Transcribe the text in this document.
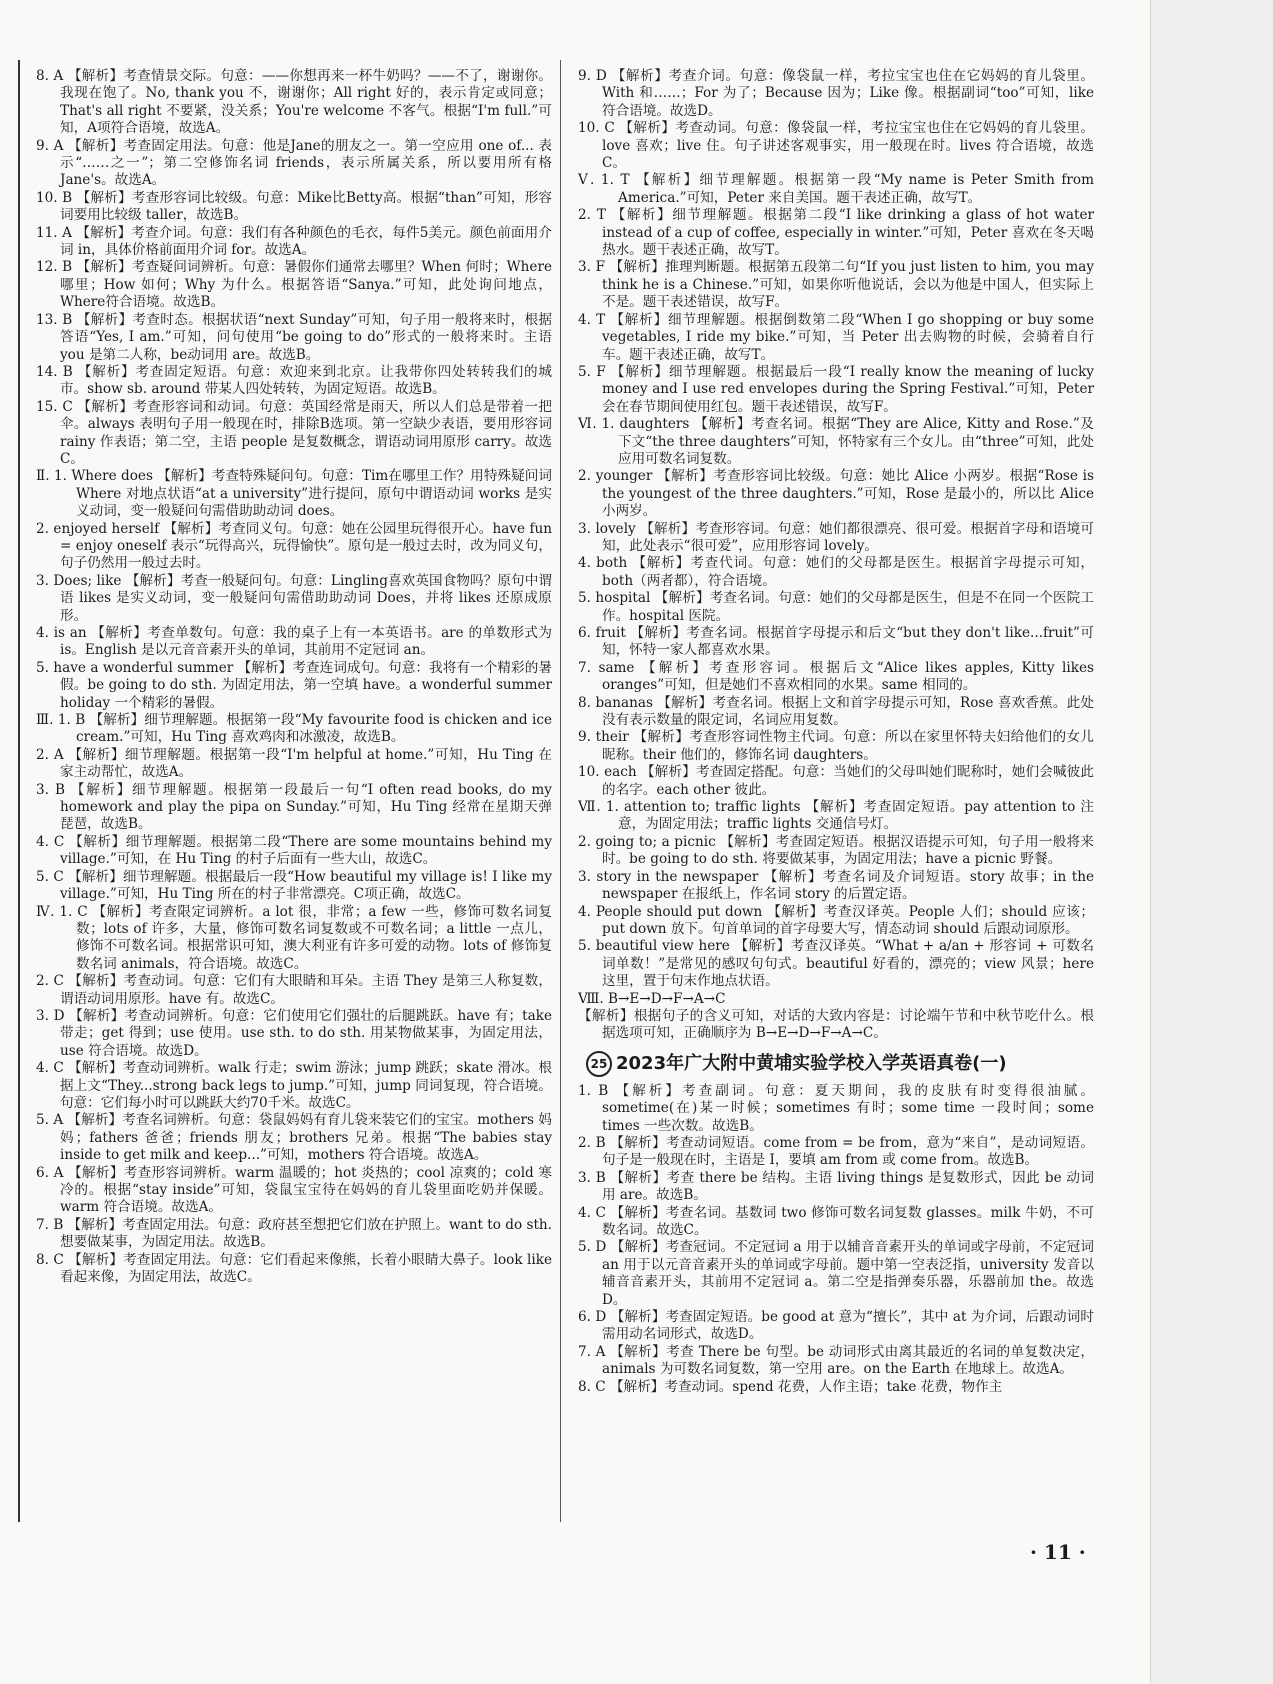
8. A 【解析】考查情景交际。句意：——你想再来一杯牛奶吗？——不了，谢谢你。我现在饱了。No, thank you 不，谢谢你；All right 好的，表示肯定或同意；That's all right 不要紧，没关系；You're welcome 不客气。根据“I'm full.”可知，A项符合语境，故选A。
9. A 【解析】考查固定用法。句意：他是Jane的朋友之一。第一空应用 one of... 表示“……之一”；第二空修饰名词 friends，表示所属关系，所以要用所有格 Jane's。故选A。
10. B 【解析】考查形容词比较级。句意：Mike比Betty高。根据“than”可知，形容词要用比较级 taller，故选B。
11. A 【解析】考查介词。句意：我们有各种颜色的毛衣，每件5美元。颜色前面用介词 in，具体价格前面用介词 for。故选A。
12. B 【解析】考查疑问词辨析。句意：暑假你们通常去哪里？When 何时；Where 哪里；How 如何；Why 为什么。根据答语“Sanya.”可知，此处询问地点，Where符合语境。故选B。
13. B 【解析】考查时态。根据状语“next Sunday”可知，句子用一般将来时，根据答语“Yes, I am.”可知，问句使用“be going to do”形式的一般将来时。主语 you 是第二人称，be动词用 are。故选B。
14. B 【解析】考查固定短语。句意：欢迎来到北京。让我带你四处转转我们的城市。show sb. around 带某人四处转转，为固定短语。故选B。
15. C 【解析】考查形容词和动词。句意：英国经常是雨天，所以人们总是带着一把伞。always 表明句子用一般现在时，排除B选项。第一空缺少表语，要用形容词 rainy 作表语；第二空，主语 people 是复数概念，谓语动词用原形 carry。故选C。
Ⅱ. 1. Where does 【解析】考查特殊疑问句。句意：Tim在哪里工作？用特殊疑问词 Where 对地点状语“at a university”进行提问，原句中谓语动词 works 是实义动词，变一般疑问句需借助助动词 does。
2. enjoyed herself 【解析】考查同义句。句意：她在公园里玩得很开心。have fun = enjoy oneself 表示“玩得高兴，玩得愉快”。原句是一般过去时，改为同义句，句子仍然用一般过去时。
3. Does; like 【解析】考查一般疑问句。句意：Lingling喜欢英国食物吗？原句中谓语 likes 是实义动词，变一般疑问句需借助助动词 Does，并将 likes 还原成原形。
4. is an 【解析】考查单数句。句意：我的桌子上有一本英语书。are 的单数形式为 is。English 是以元音音素开头的单词，其前用不定冠词 an。
5. have a wonderful summer 【解析】考查连词成句。句意：我将有一个精彩的暑假。be going to do sth. 为固定用法，第一空填 have。a wonderful summer holiday 一个精彩的暑假。
Ⅲ. 1. B 【解析】细节理解题。根据第一段“My favourite food is chicken and ice cream.”可知，Hu Ting 喜欢鸡肉和冰激凌，故选B。
2. A 【解析】细节理解题。根据第一段“I'm helpful at home.”可知，Hu Ting 在家主动帮忙，故选A。
3. B 【解析】细节理解题。根据第一段最后一句“I often read books, do my homework and play the pipa on Sunday.”可知，Hu Ting 经常在星期天弹琵琶，故选B。
4. C 【解析】细节理解题。根据第二段“There are some mountains behind my village.”可知，在 Hu Ting 的村子后面有一些大山，故选C。
5. C 【解析】细节理解题。根据最后一段“How beautiful my village is! I like my village.”可知，Hu Ting 所在的村子非常漂亮。C项正确，故选C。
Ⅳ. 1. C 【解析】考查限定词辨析。a lot 很，非常；a few 一些，修饰可数名词复数；lots of 许多，大量，修饰可数名词复数或不可数名词；a little 一点儿，修饰不可数名词。根据常识可知，澳大利亚有许多可爱的动物。lots of 修饰复数名词 animals，符合语境。故选C。
2. C 【解析】考查动词。句意：它们有大眼睛和耳朵。主语 They 是第三人称复数，谓语动词用原形。have 有。故选C。
3. D 【解析】考查动词辨析。句意：它们使用它们强壮的后腿跳跃。have 有；take 带走；get 得到；use 使用。use sth. to do sth. 用某物做某事，为固定用法，use 符合语境。故选D。
4. C 【解析】考查动词辨析。walk 行走；swim 游泳；jump 跳跃；skate 滑冰。根据上文“They...strong back legs to jump.”可知，jump 同词复现，符合语境。句意：它们每小时可以跳跃大约70千米。故选C。
5. A 【解析】考查名词辨析。句意：袋鼠妈妈有育儿袋来装它们的宝宝。mothers 妈妈；fathers 爸爸；friends 朋友；brothers 兄弟。根据“The babies stay inside to get milk and keep...”可知，mothers 符合语境。故选A。
6. A 【解析】考查形容词辨析。warm 温暖的；hot 炎热的；cool 凉爽的；cold 寒冷的。根据“stay inside”可知，袋鼠宝宝待在妈妈的育儿袋里面吃奶并保暖。warm 符合语境。故选A。
7. B 【解析】考查固定用法。句意：政府甚至想把它们放在护照上。want to do sth. 想要做某事，为固定用法。故选B。
8. C 【解析】考查固定用法。句意：它们看起来像熊，长着小眼睛大鼻子。look like 看起来像，为固定用法，故选C。
9. D 【解析】考查介词。句意：像袋鼠一样，考拉宝宝也住在它妈妈的育儿袋里。With 和……；For 为了；Because 因为；Like 像。根据副词“too”可知，like 符合语境。故选D。
10. C 【解析】考查动词。句意：像袋鼠一样，考拉宝宝也住在它妈妈的育儿袋里。love 喜欢；live 住。句子讲述客观事实，用一般现在时。lives 符合语境，故选C。
Ⅴ. 1. T 【解析】细节理解题。根据第一段“My name is Peter Smith from America.”可知，Peter 来自美国。题干表述正确，故写T。
2. T 【解析】细节理解题。根据第二段“I like drinking a glass of hot water instead of a cup of coffee, especially in winter.”可知，Peter 喜欢在冬天喝热水。题干表述正确，故写T。
3. F 【解析】推理判断题。根据第五段第二句“If you just listen to him, you may think he is a Chinese.”可知，如果你听他说话，会以为他是中国人，但实际上不是。题干表述错误，故写F。
4. T 【解析】细节理解题。根据倒数第二段“When I go shopping or buy some vegetables, I ride my bike.”可知，当 Peter 出去购物的时候，会骑着自行车。题干表述正确，故写T。
5. F 【解析】细节理解题。根据最后一段“I really know the meaning of lucky money and I use red envelopes during the Spring Festival.”可知，Peter 会在春节期间使用红包。题干表述错误，故写F。
Ⅵ. 1. daughters 【解析】考查名词。根据“They are Alice, Kitty and Rose.”及下文“the three daughters”可知，怀特家有三个女儿。由“three”可知，此处应用可数名词复数。
2. younger 【解析】考查形容词比较级。句意：她比 Alice 小两岁。根据“Rose is the youngest of the three daughters.”可知，Rose 是最小的，所以比 Alice 小两岁。
3. lovely 【解析】考查形容词。句意：她们都很漂亮、很可爱。根据首字母和语境可知，此处表示“很可爱”，应用形容词 lovely。
4. both 【解析】考查代词。句意：她们的父母都是医生。根据首字母提示可知，both（两者都），符合语境。
5. hospital 【解析】考查名词。句意：她们的父母都是医生，但是不在同一个医院工作。hospital 医院。
6. fruit 【解析】考查名词。根据首字母提示和后文“but they don't like...fruit”可知，怀特一家人都喜欢水果。
7. same 【解析】考查形容词。根据后文“Alice likes apples, Kitty likes oranges”可知，但是她们不喜欢相同的水果。same 相同的。
8. bananas 【解析】考查名词。根据上文和首字母提示可知，Rose 喜欢香蕉。此处没有表示数量的限定词，名词应用复数。
9. their 【解析】考查形容词性物主代词。句意：所以在家里怀特夫妇给他们的女儿昵称。their 他们的，修饰名词 daughters。
10. each 【解析】考查固定搭配。句意：当她们的父母叫她们昵称时，她们会喊彼此的名字。each other 彼此。
Ⅶ. 1. attention to; traffic lights 【解析】考查固定短语。pay attention to 注意，为固定用法；traffic lights 交通信号灯。
2. going to; a picnic 【解析】考查固定短语。根据汉语提示可知，句子用一般将来时。be going to do sth. 将要做某事，为固定用法；have a picnic 野餐。
3. story in the newspaper 【解析】考查名词及介词短语。story 故事；in the newspaper 在报纸上，作名词 story 的后置定语。
4. People should put down 【解析】考查汉译英。People 人们；should 应该；put down 放下。句首单词的首字母要大写，情态动词 should 后跟动词原形。
5. beautiful view here 【解析】考查汉译英。“What + a/an + 形容词 + 可数名词单数！”是常见的感叹句句式。beautiful 好看的，漂亮的；view 风景；here 这里，置于句末作地点状语。
Ⅷ. B→E→D→F→A→C
【解析】根据句子的含义可知，对话的大致内容是：讨论端午节和中秋节吃什么。根据选项可知，正确顺序为 B→E→D→F→A→C。
25 2023年广大附中黄埔实验学校入学英语真卷(一)
1. B 【解析】考查副词。句意：夏天期间，我的皮肤有时变得很油腻。sometime(在)某一时候；sometimes 有时；some time 一段时间；some times 一些次数。故选B。
2. B 【解析】考查动词短语。come from = be from，意为“来自”，是动词短语。句子是一般现在时，主语是 I，要填 am from 或 come from。故选B。
3. B 【解析】考查 there be 结构。主语 living things 是复数形式，因此 be 动词用 are。故选B。
4. C 【解析】考查名词。基数词 two 修饰可数名词复数 glasses。milk 牛奶，不可数名词。故选C。
5. D 【解析】考查冠词。不定冠词 a 用于以辅音音素开头的单词或字母前，不定冠词 an 用于以元音音素开头的单词或字母前。题中第一空表泛指，university 发音以辅音音素开头，其前用不定冠词 a。第二空是指弹奏乐器，乐器前加 the。故选D。
6. D 【解析】考查固定短语。be good at 意为“擅长”，其中 at 为介词，后跟动词时需用动名词形式，故选D。
7. A 【解析】考查 There be 句型。be 动词形式由离其最近的名词的单复数决定，animals 为可数名词复数，第一空用 are。on the Earth 在地球上。故选A。
8. C 【解析】考查动词。spend 花费，人作主语；take 花费，物作主
· 11 ·
